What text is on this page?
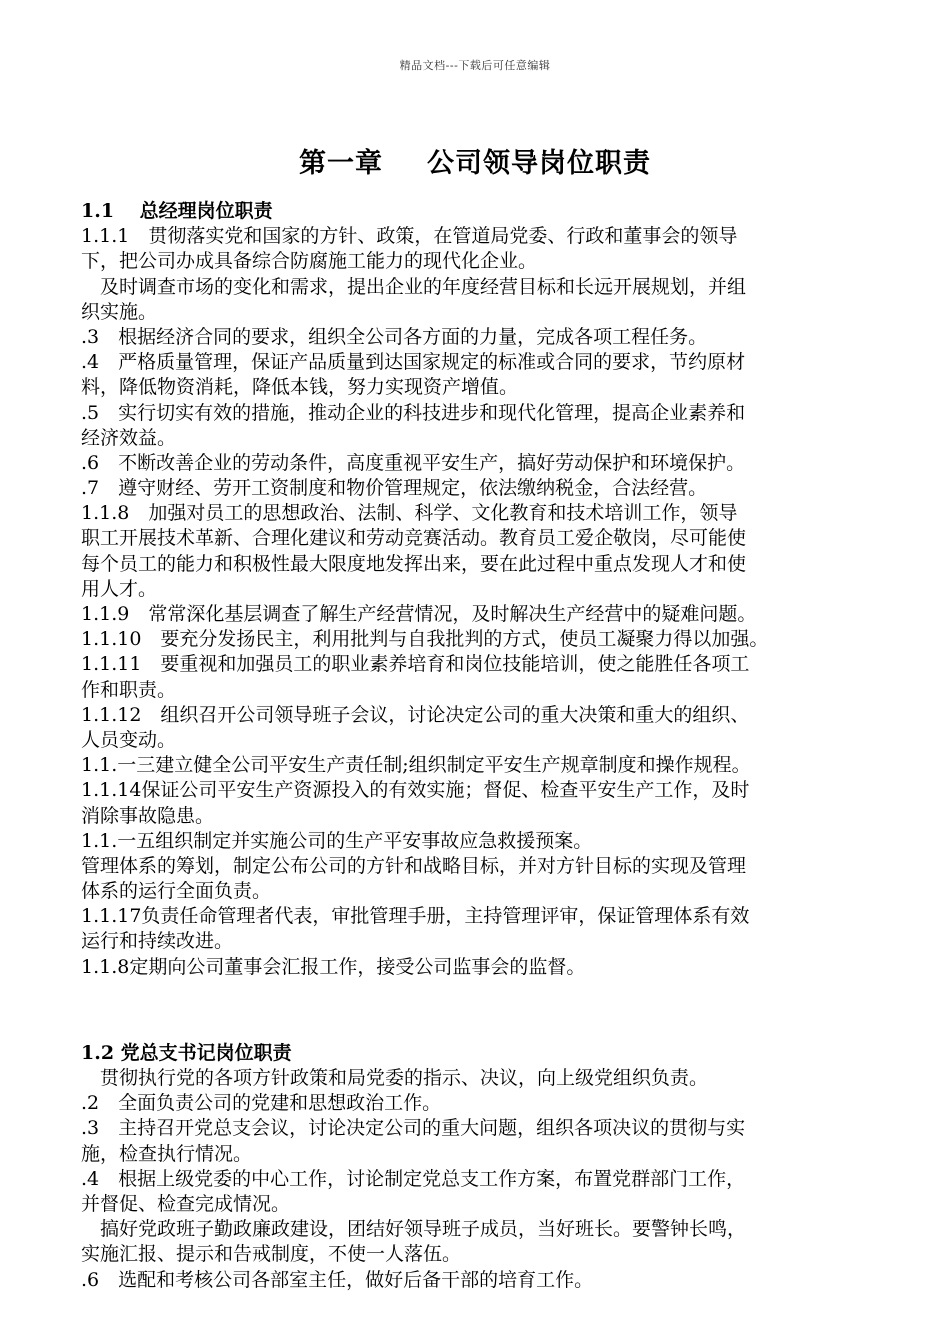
精品文档---下载后可任意编辑
第一章 公司领导岗位职责
1.1　 总经理岗位职责
1.1.1　贯彻落实党和国家的方针、政策，在管道局党委、行政和董事会的领导
下，把公司办成具备综合防腐施工能力的现代化企业。
　及时调查市场的变化和需求，提出企业的年度经营目标和长远开展规划，并组
织实施。
.3　根据经济合同的要求，组织全公司各方面的力量，完成各项工程任务。
.4　严格质量管理，保证产品质量到达国家规定的标准或合同的要求，节约原材
料，降低物资消耗，降低本钱，努力实现资产增值。
.5　实行切实有效的措施，推动企业的科技进步和现代化管理，提高企业素养和
经济效益。
.6　不断改善企业的劳动条件，高度重视平安生产，搞好劳动保护和环境保护。
.7　遵守财经、劳开工资制度和物价管理规定，依法缴纳税金，合法经营。
1.1.8　加强对员工的思想政治、法制、科学、文化教育和技术培训工作，领导
职工开展技术革新、合理化建议和劳动竞赛活动。教育员工爱企敬岗，尽可能使
每个员工的能力和积极性最大限度地发挥出来，要在此过程中重点发现人才和使
用人才。
1.1.9　常常深化基层调查了解生产经营情况，及时解决生产经营中的疑难问题。
1.1.10　要充分发扬民主，利用批判与自我批判的方式，使员工凝聚力得以加强。
1.1.11　要重视和加强员工的职业素养培育和岗位技能培训，使之能胜任各项工
作和职责。
1.1.12　组织召开公司领导班子会议，讨论决定公司的重大决策和重大的组织、
人员变动。
1.1.一三建立健全公司平安生产责任制;组织制定平安生产规章制度和操作规程。
1.1.14保证公司平安生产资源投入的有效实施；督促、检查平安生产工作，及时
消除事故隐患。
1.1.一五组织制定并实施公司的生产平安事故应急救援预案。
管理体系的筹划，制定公布公司的方针和战略目标，并对方针目标的实现及管理
体系的运行全面负责。
1.1.17负责任命管理者代表，审批管理手册，主持管理评审，保证管理体系有效
运行和持续改进。
1.1.8定期向公司董事会汇报工作，接受公司监事会的监督。
1.2 党总支书记岗位职责
　贯彻执行党的各项方针政策和局党委的指示、决议，向上级党组织负责。
.2　全面负责公司的党建和思想政治工作。
.3　主持召开党总支会议，讨论决定公司的重大问题，组织各项决议的贯彻与实
施，检查执行情况。
.4　根据上级党委的中心工作，讨论制定党总支工作方案，布置党群部门工作，
并督促、检查完成情况。
　搞好党政班子勤政廉政建设，团结好领导班子成员，当好班长。要警钟长鸣，
实施汇报、提示和告戒制度，不使一人落伍。
.6　选配和考核公司各部室主任，做好后备干部的培育工作。
